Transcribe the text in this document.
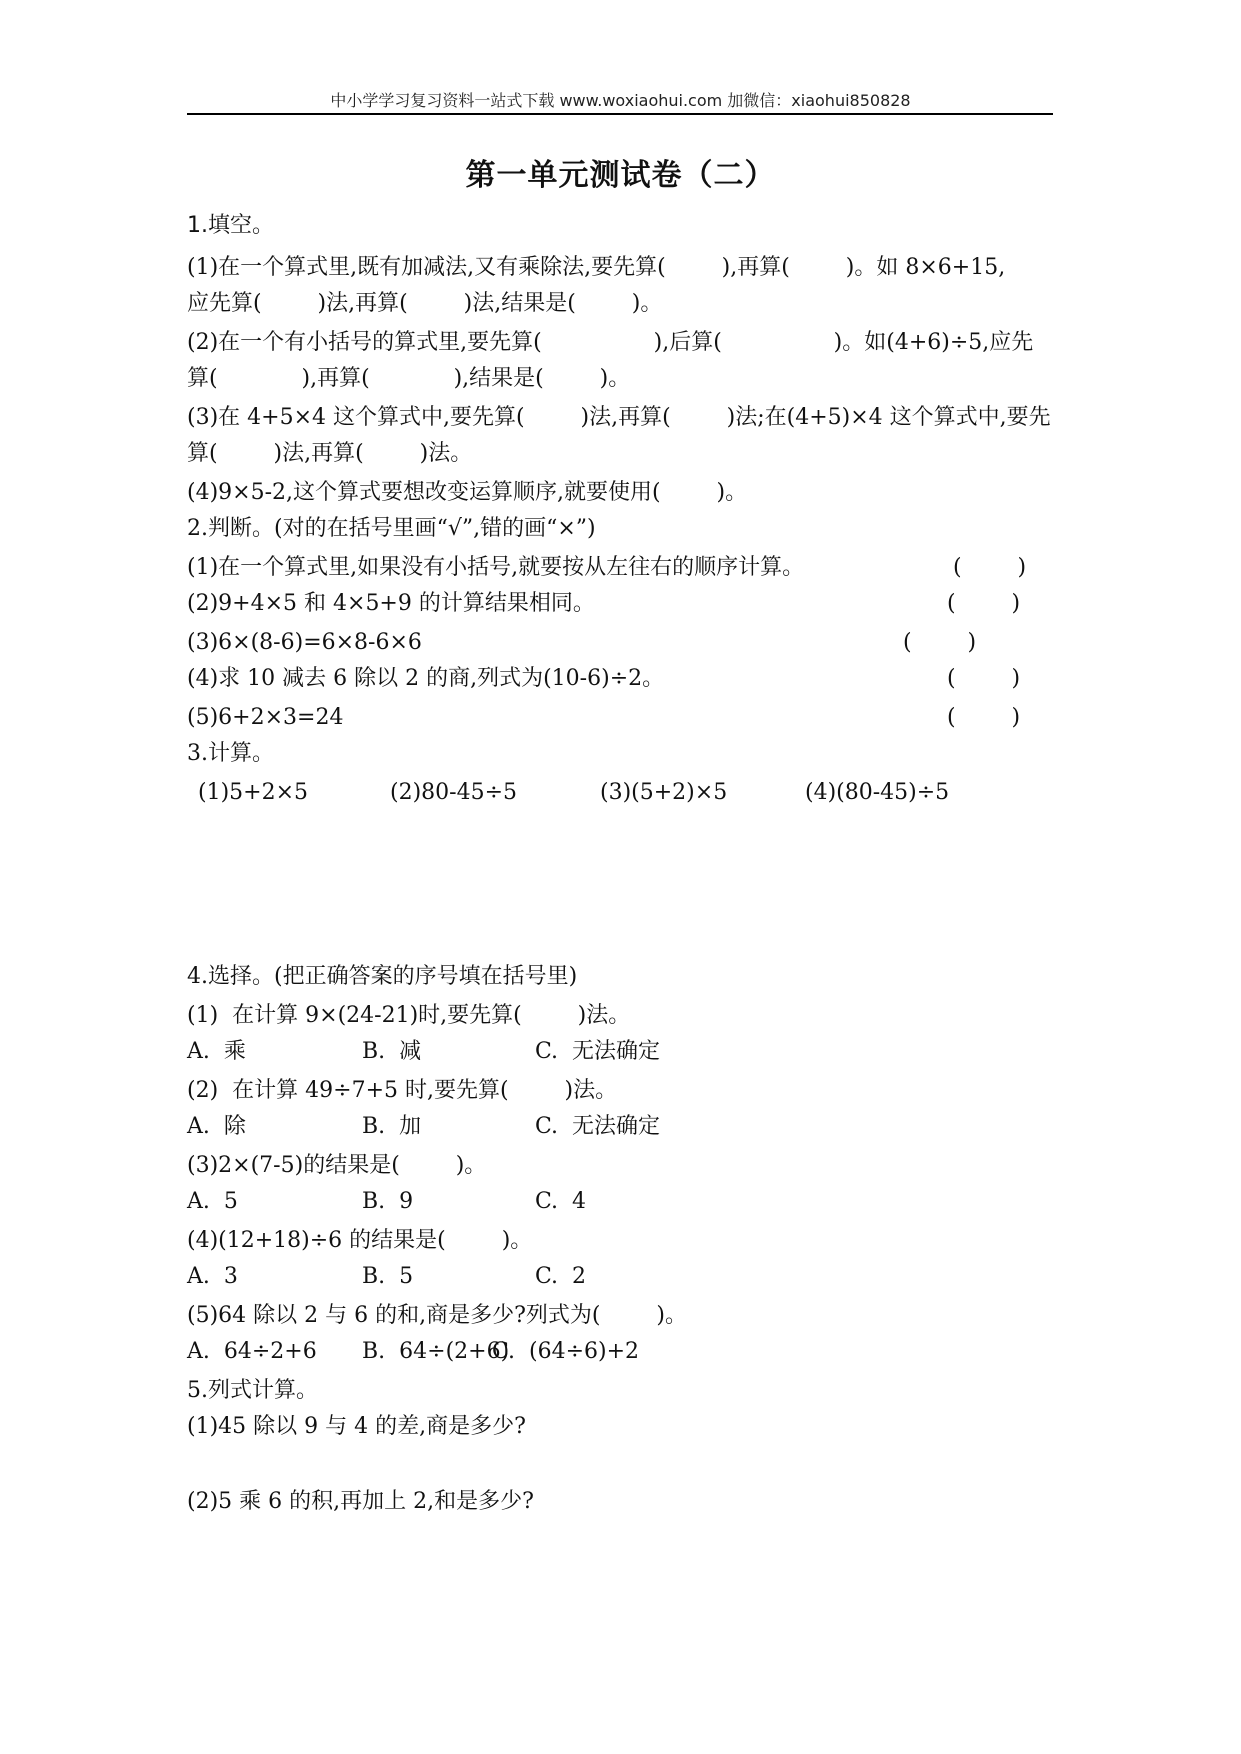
中小学学习复习资料一站式下载 www.woxiaohui.com 加微信：xiaohui850828
第一单元测试卷（二）
1.填空。
(1)在一个算式里,既有加减法,又有乘除法,要先算(        ),再算(        )。如 8×6+15,
应先算(        )法,再算(        )法,结果是(        )。
(2)在一个有小括号的算式里,要先算(                ),后算(                )。如(4+6)÷5,应先
算(            ),再算(            ),结果是(        )。
(3)在 4+5×4 这个算式中,要先算(        )法,再算(        )法;在(4+5)×4 这个算式中,要先
算(        )法,再算(        )法。
(4)9×5-2,这个算式要想改变运算顺序,就要使用(        )。
2.判断。(对的在括号里画“√”,错的画“×”)
(1)在一个算式里,如果没有小括号,就要按从左往右的顺序计算。	(        )
(2)9+4×5 和 4×5+9 的计算结果相同。	(        )
(3)6×(8-6)=6×8-6×6	(        )
(4)求 10 减去 6 除以 2 的商,列式为(10-6)÷2。	(        )
(5)6+2×3=24	(        )
3.计算。
(1)5+2×5	(2)80-45÷5	(3)(5+2)×5	(4)(80-45)÷5
4.选择。(把正确答案的序号填在括号里)
(1)  在计算 9×(24-21)时,要先算(        )法。
A.  乘	B.  减	C.  无法确定
(2)  在计算 49÷7+5 时,要先算(        )法。
A.  除	B.  加	C.  无法确定
(3)2×(7-5)的结果是(        )。
A.  5	B.  9	C.  4
(4)(12+18)÷6 的结果是(        )。
A.  3	B.  5	C.  2
(5)64 除以 2 与 6 的和,商是多少?列式为(        )。
A.  64÷2+6 B.  64÷(2+6)
C.  (64÷6)+2
5.列式计算。
(1)45 除以 9 与 4 的差,商是多少?
(2)5 乘 6 的积,再加上 2,和是多少?
